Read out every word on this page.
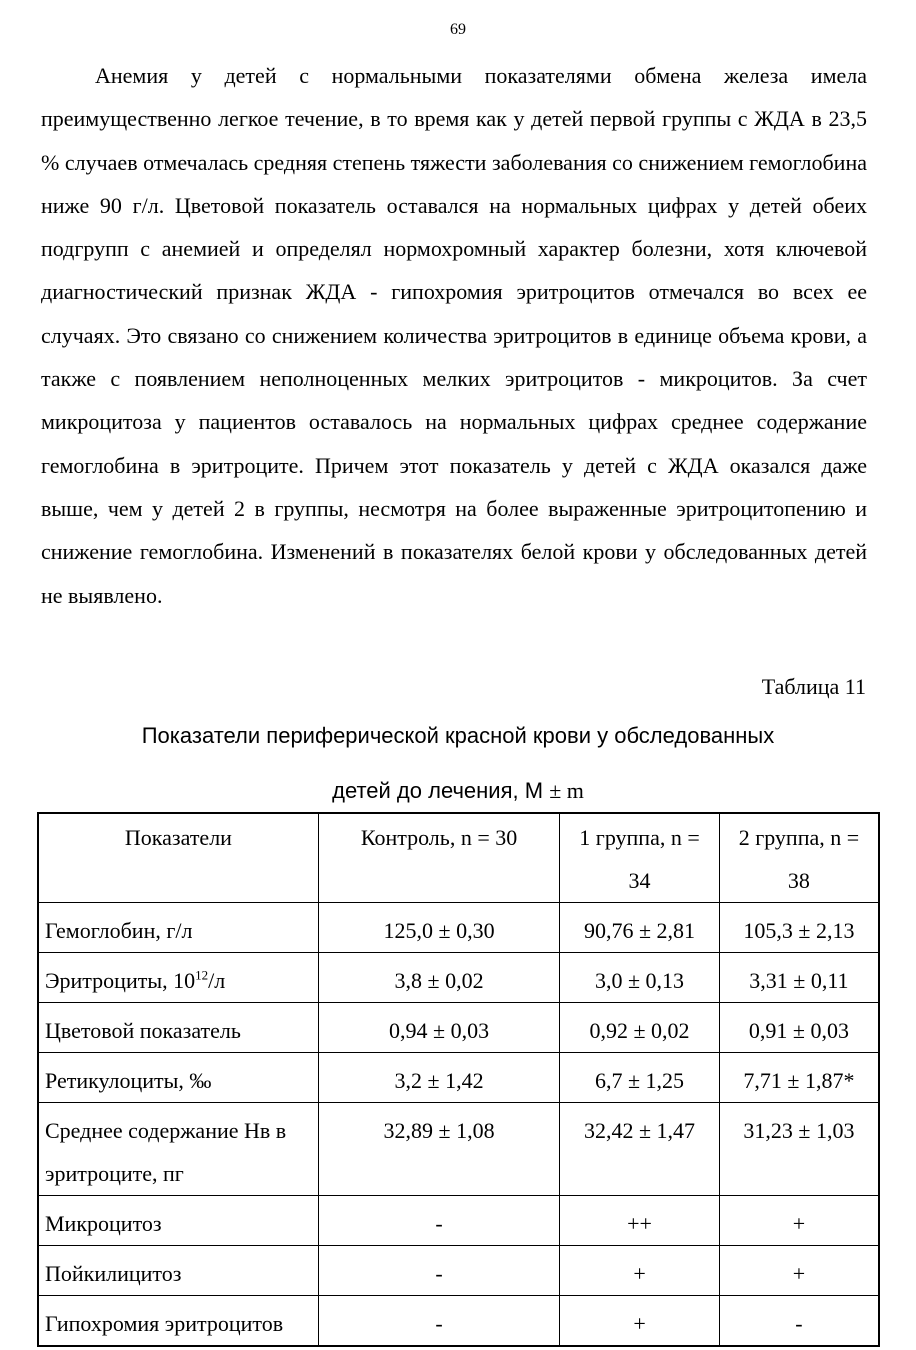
69

Анемия у детей с нормальными показателями обмена железа имела преимущественно легкое течение, в то время как у детей первой группы с ЖДА в 23,5 % случаев отмечалась средняя степень тяжести заболевания со снижением гемоглобина ниже 90 г/л. Цветовой показатель оставался на нормальных цифрах у детей обеих подгрупп с анемией и определял нормохромный характер болезни, хотя ключевой диагностический признак ЖДА - гипохромия эритроцитов отмечался во всех ее случаях. Это связано со снижением количества эритроцитов в единице объема крови, а также с появлением неполноценных мелких эритроцитов - микроцитов. За счет микроцитоза у пациентов оставалось на нормальных цифрах среднее содержание гемоглобина в эритроците. Причем этот показатель у детей с ЖДА оказался даже выше, чем у детей 2 в группы, несмотря на более выраженные эритроцитопению и снижение гемоглобина. Изменений в показателях белой крови у обследованных детей не выявлено.

Таблица 11
Показатели периферической красной крови у обследованных
детей до лечения, M ± m
Показатели	Контроль, n = 30	1 группа, n = 34	2 группа, n = 38
Гемоглобин, г/л	125,0 ± 0,30	90,76 ± 2,81	105,3 ± 2,13
Эритроциты, $10^{12}/л$	3,8 ± 0,02	3,0 ± 0,13	3,31 ± 0,11
Цветовой показатель	0,94 ± 0,03	0,92 ± 0,02	0,91 ± 0,03
Ретикулоциты, ‰	3,2 ± 1,42	6,7 ± 1,25	7,71 ± 1,87*
Среднее содержание Нв в эритроците, пг	32,89 ± 1,08	32,42 ± 1,47	31,23 ± 1,03
Микроцитоз	-	++	+
Пойкилицитоз	-	+	+
Гипохромия эритроцитов	-	+	-
